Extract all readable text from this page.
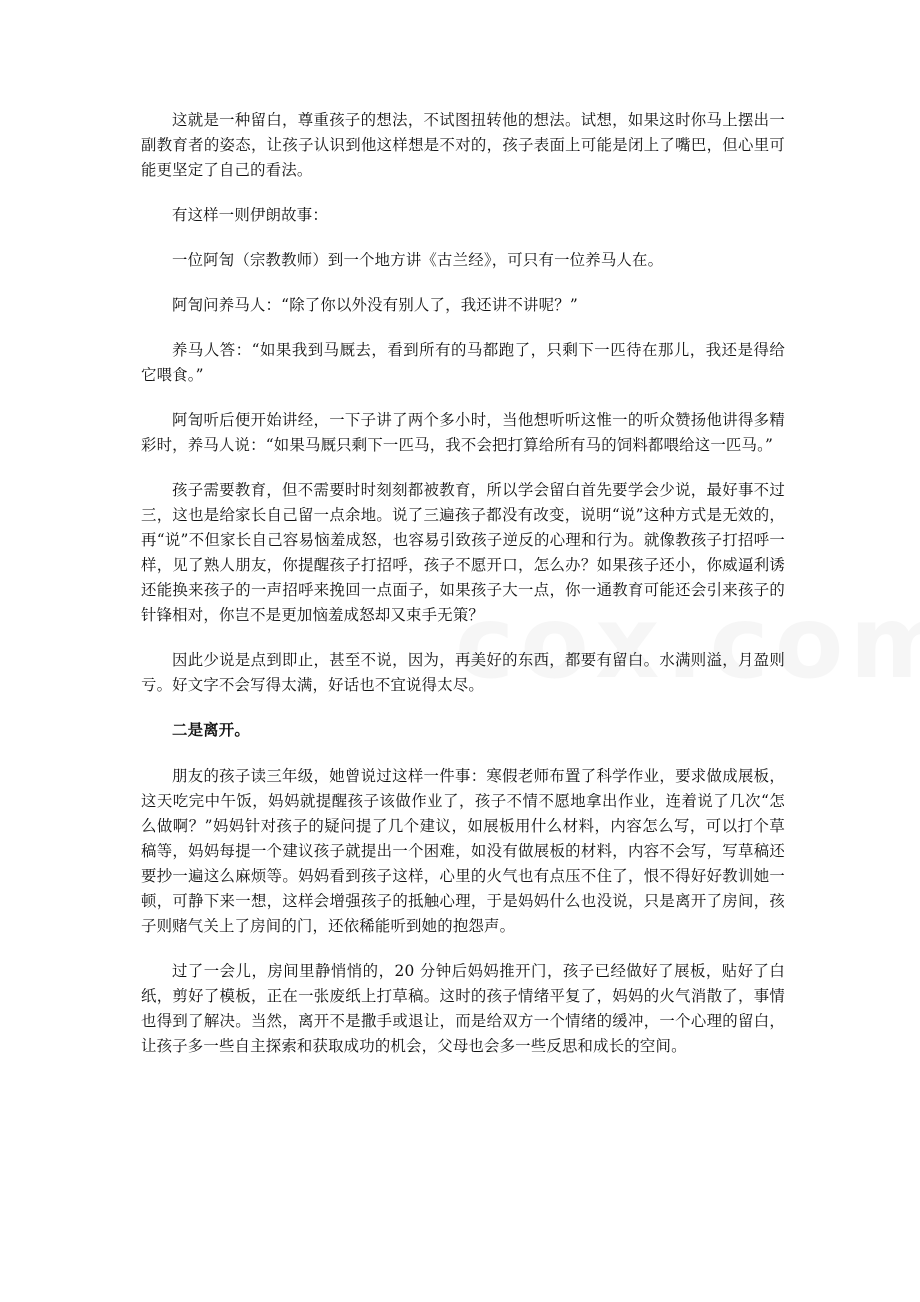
这就是一种留白，尊重孩子的想法，不试图扭转他的想法。试想，如果这时你马上摆出一副教育者的姿态，让孩子认识到他这样想是不对的，孩子表面上可能是闭上了嘴巴，但心里可能更坚定了自己的看法。

有这样一则伊朗故事：

一位阿訇（宗教教师）到一个地方讲《古兰经》，可只有一位养马人在。

阿訇问养马人：“除了你以外没有别人了，我还讲不讲呢？”

养马人答：“如果我到马厩去，看到所有的马都跑了，只剩下一匹待在那儿，我还是得给它喂食。”

阿訇听后便开始讲经，一下子讲了两个多小时，当他想听听这惟一的听众赞扬他讲得多精彩时，养马人说：“如果马厩只剩下一匹马，我不会把打算给所有马的饲料都喂给这一匹马。”

孩子需要教育，但不需要时时刻刻都被教育，所以学会留白首先要学会少说，最好事不过三，这也是给家长自己留一点余地。说了三遍孩子都没有改变，说明“说”这种方式是无效的，再“说”不但家长自己容易恼羞成怒，也容易引致孩子逆反的心理和行为。就像教孩子打招呼一样，见了熟人朋友，你提醒孩子打招呼，孩子不愿开口，怎么办？如果孩子还小，你威逼利诱还能换来孩子的一声招呼来挽回一点面子，如果孩子大一点，你一通教育可能还会引来孩子的针锋相对，你岂不是更加恼羞成怒却又束手无策？

因此少说是点到即止，甚至不说，因为，再美好的东西，都要有留白。水满则溢，月盈则亏。好文字不会写得太满，好话也不宜说得太尽。

二是离开。

朋友的孩子读三年级，她曾说过这样一件事：寒假老师布置了科学作业，要求做成展板，这天吃完中午饭，妈妈就提醒孩子该做作业了，孩子不情不愿地拿出作业，连着说了几次“怎么做啊？”妈妈针对孩子的疑问提了几个建议，如展板用什么材料，内容怎么写，可以打个草稿等，妈妈每提一个建议孩子就提出一个困难，如没有做展板的材料，内容不会写，写草稿还要抄一遍这么麻烦等。妈妈看到孩子这样，心里的火气也有点压不住了，恨不得好好教训她一顿，可静下来一想，这样会增强孩子的抵触心理，于是妈妈什么也没说，只是离开了房间，孩子则赌气关上了房间的门，还依稀能听到她的抱怨声。

过了一会儿，房间里静悄悄的，20 分钟后妈妈推开门，孩子已经做好了展板，贴好了白纸，剪好了模板，正在一张废纸上打草稿。这时的孩子情绪平复了，妈妈的火气消散了，事情也得到了解决。当然，离开不是撒手或退让，而是给双方一个情绪的缓冲，一个心理的留白，让孩子多一些自主探索和获取成功的机会，父母也会多一些反思和成长的空间。
